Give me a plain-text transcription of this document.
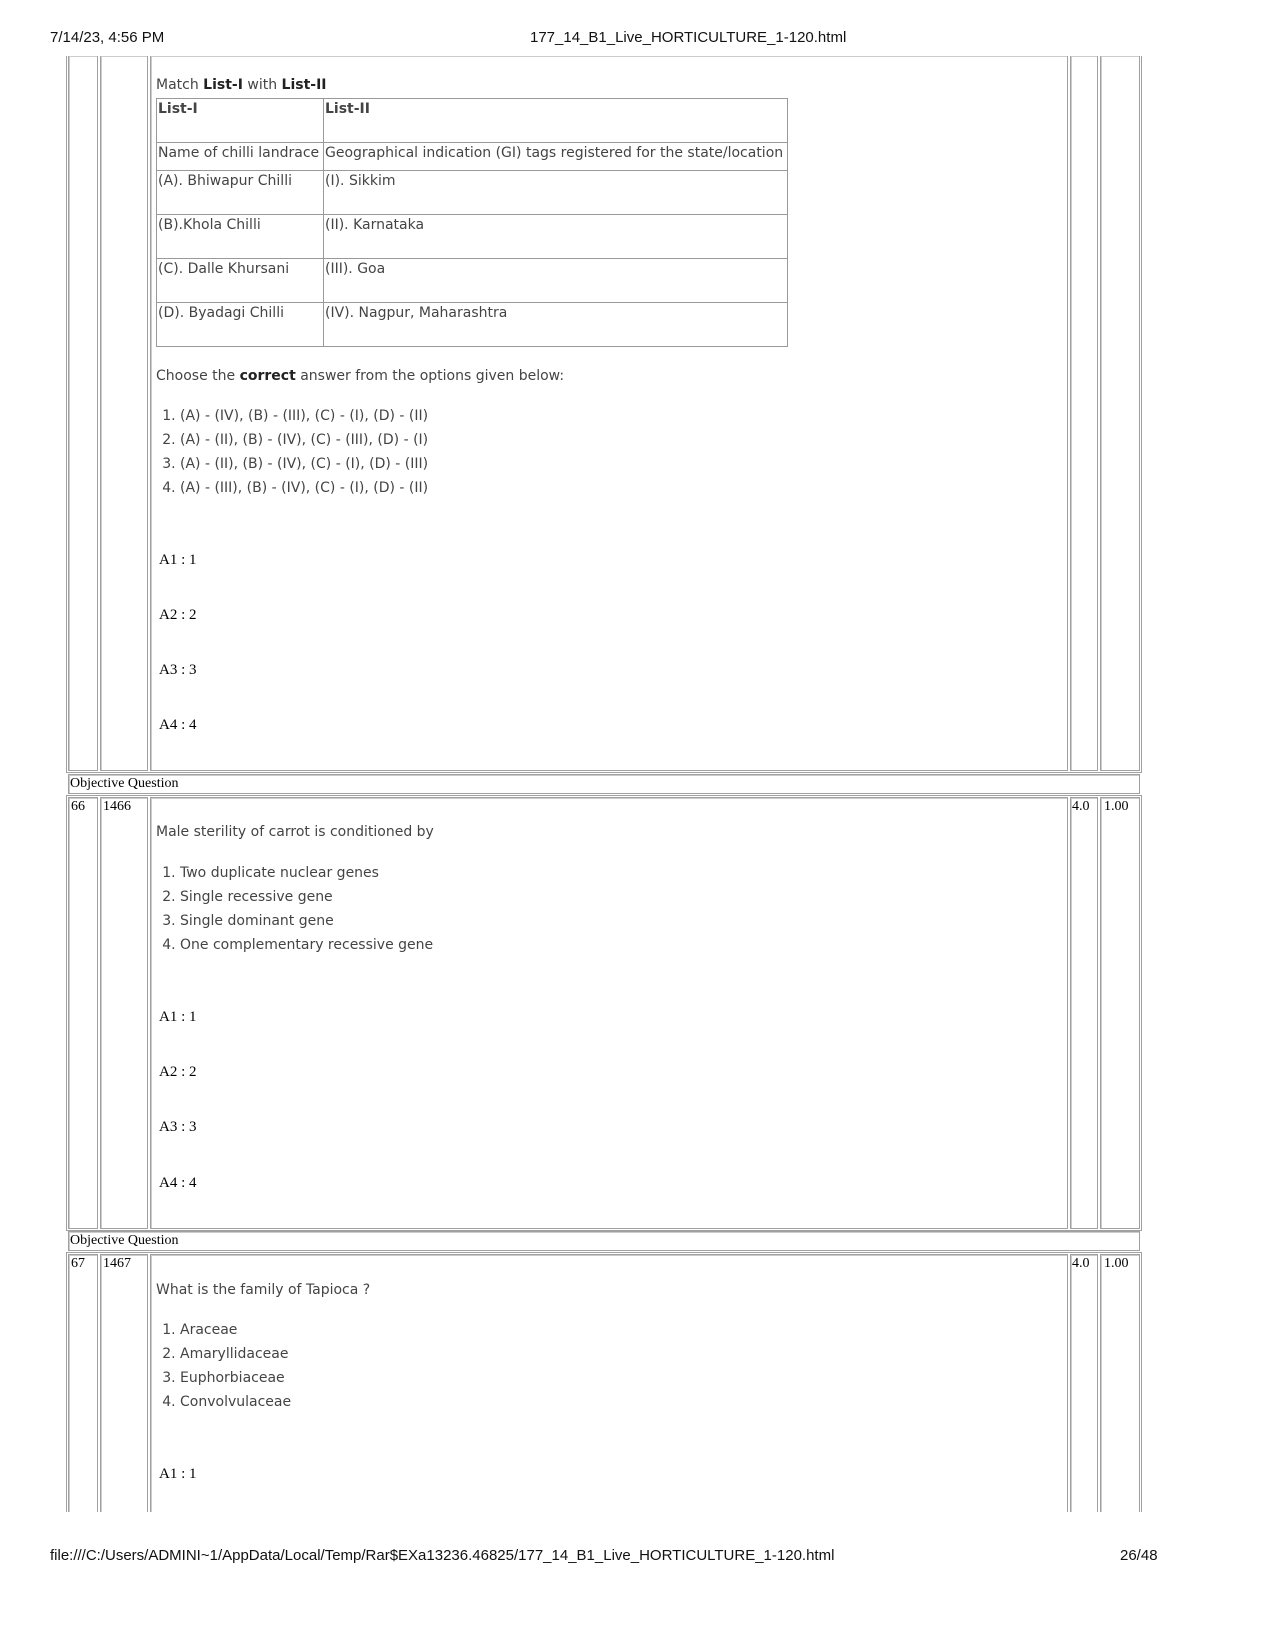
7/14/23, 4:56 PM	177_14_B1_Live_HORTICULTURE_1-120.html
Match List-I with List-II
List-I	List-II
Name of chilli landrace	Geographical indication (GI) tags registered for the state/location
(A). Bhiwapur Chilli	(I). Sikkim
(B).Khola Chilli	(II). Karnataka
(C). Dalle Khursani	(III). Goa
(D). Byadagi Chilli	(IV). Nagpur, Maharashtra
Choose the correct answer from the options given below:
1. (A) - (IV), (B) - (III), (C) - (I), (D) - (II)
2. (A) - (II), (B) - (IV), (C) - (III), (D) - (I)
3. (A) - (II), (B) - (IV), (C) - (I), (D) - (III)
4. (A) - (III), (B) - (IV), (C) - (I), (D) - (II)
A1 : 1
A2 : 2
A3 : 3
A4 : 4
Objective Question
66 1466	4.0 1.00
Male sterility of carrot is conditioned by
1. Two duplicate nuclear genes
2. Single recessive gene
3. Single dominant gene
4. One complementary recessive gene
A1 : 1
A2 : 2
A3 : 3
A4 : 4
Objective Question
67 1467	4.0 1.00
What is the family of Tapioca ?
1. Araceae
2. Amaryllidaceae
3. Euphorbiaceae
4. Convolvulaceae
A1 : 1
file:///C:/Users/ADMINI~1/AppData/Local/Temp/Rar$EXa13236.46825/177_14_B1_Live_HORTICULTURE_1-120.html	26/48
